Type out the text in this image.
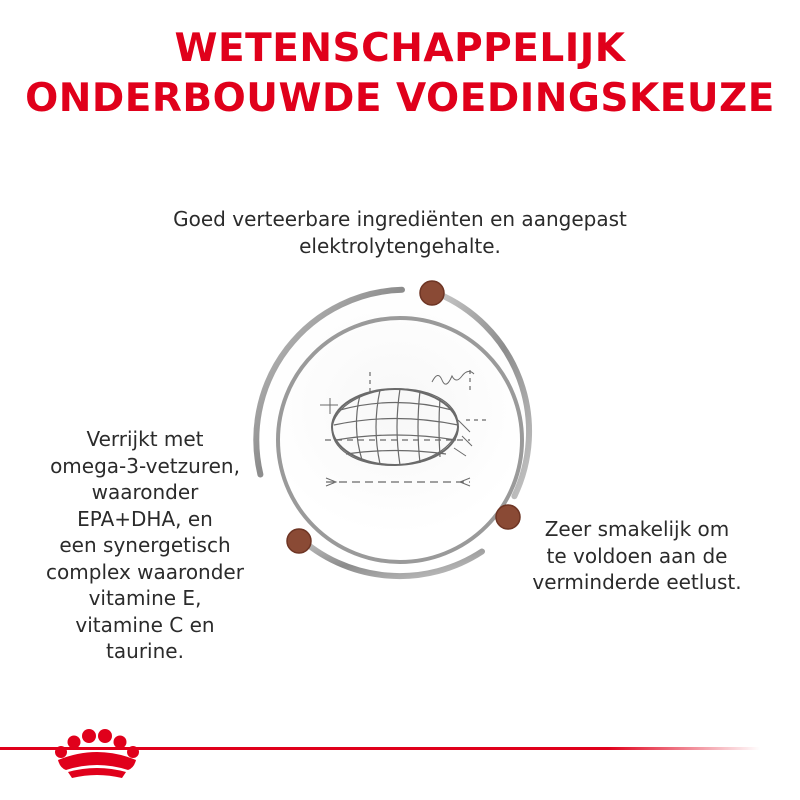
WETENSCHAPPELIJK
ONDERBOUWDE VOEDINGSKEUZE

Goed verteerbare ingrediënten en aangepast
elektrolytengehalte.

Verrijkt met
omega-3-vetzuren,
waaronder
EPA+DHA, en
een synergetisch
complex waaronder
vitamine E,
vitamine C en
taurine.

Zeer smakelijk om
te voldoen aan de
verminderde eetlust.
